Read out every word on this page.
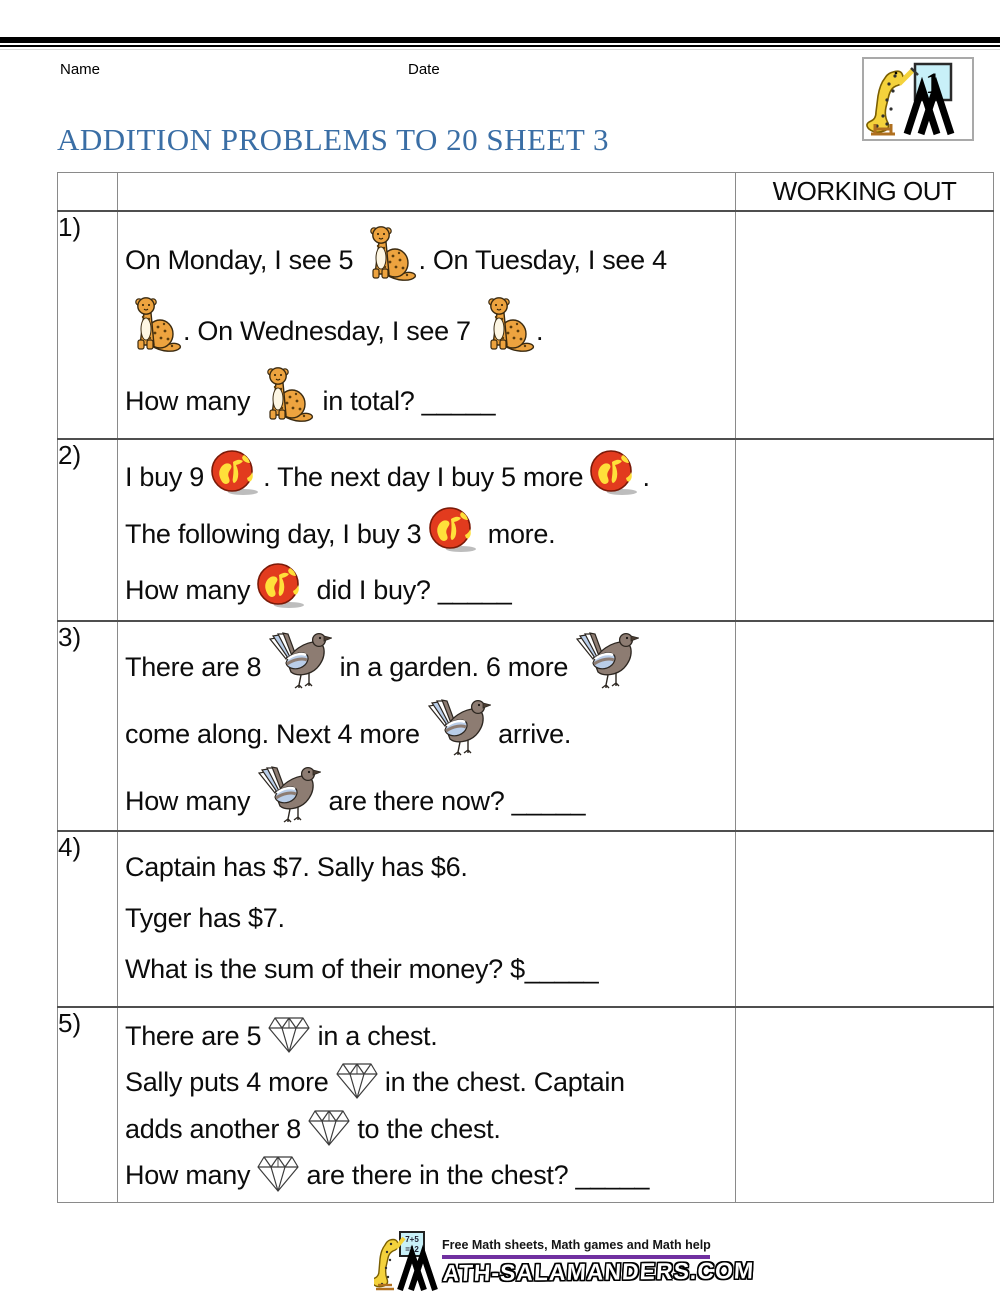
Name	Date	1
ADDITION PROBLEMS TO 20 SHEET 3
		WORKING OUT
1)	On Monday, I see 5 . On Tuesday, I see 4
. On Wednesday, I see 7 .
How many  in total? _____	

2)	I buy 9 . The next day I buy 5 more .
The following day, I buy 3  more.
How many  did I buy? _____	

3)	There are 8  in a garden. 6 more
come along. Next 4 more  arrive.
How many  are there now? _____	

4)	Captain has $7. Sally has $6.
Tyger has $7.
What is the sum of their money? $_____	

5)	There are 5  in a chest.
Sally puts 4 more  in the chest. Captain
adds another 8  to the chest.
How many  are there in the chest? _____	

7+5
=12 Free Math sheets, Math games and Math help
ATH-SALAMANDERS.COM
